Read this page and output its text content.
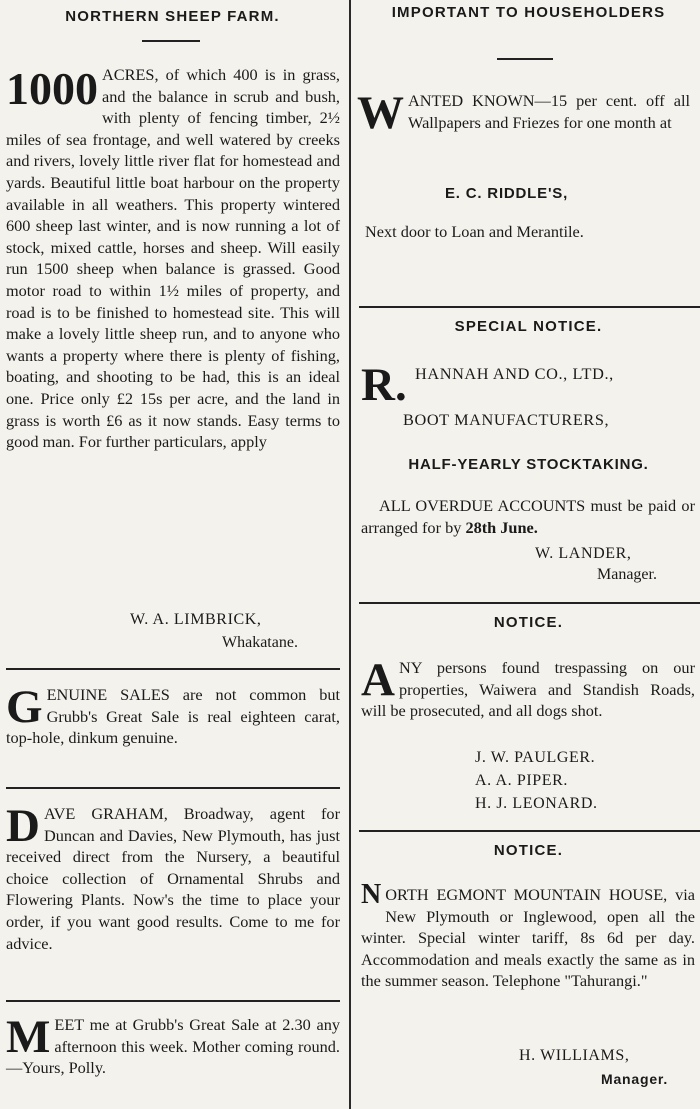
NORTHERN SHEEP FARM.
1000 ACRES, of which 400 is in grass, and the balance in scrub and bush, with plenty of fencing timber, 2½ miles of sea frontage, and well watered by creeks and rivers, lovely little river flat for homestead and yards. Beautiful little boat harbour on the property available in all weathers. This property wintered 600 sheep last winter, and is now running a lot of stock, mixed cattle, horses and sheep. Will easily run 1500 sheep when balance is grassed. Good motor road to within 1½ miles of property, and road is to be finished to homestead site. This will make a lovely little sheep run, and to anyone who wants a property where there is plenty of fishing, boating, and shooting to be had, this is an ideal one. Price only £2 15s per acre, and the land in grass is worth £6 as it now stands. Easy terms to good man. For further particulars, apply
W. A. LIMBRICK,
Whakatane.
GENUINE SALES are not common but Grubb's Great Sale is real eighteen carat, top-hole, dinkum genuine.
DAVE GRAHAM, Broadway, agent for Duncan and Davies, New Plymouth, has just received direct from the Nursery, a beautiful choice collection of Ornamental Shrubs and Flowering Plants. Now's the time to place your order, if you want good results. Come to me for advice.
MEET me at Grubb's Great Sale at 2.30 any afternoon this week. Mother coming round.—Yours, Polly.
IMPORTANT TO HOUSEHOLDERS
WANTED KNOWN—15 per cent. off all Wallpapers and Friezes for one month at
E. C. RIDDLE'S,
Next door to Loan and Merantile.
SPECIAL NOTICE.
R. HANNAH AND CO., LTD.,
BOOT MANUFACTURERS,
HALF-YEARLY STOCKTAKING.
ALL OVERDUE ACCOUNTS must be paid or arranged for by 28th June.
W. LANDER,
Manager.
NOTICE.
ANY persons found trespassing on our properties, Waiwera and Standish Roads, will be prosecuted, and all dogs shot.
J. W. PAULGER.
A. A. PIPER.
H. J. LEONARD.
NOTICE.
NORTH EGMONT MOUNTAIN HOUSE, via New Plymouth or Inglewood, open all the winter. Special winter tariff, 8s 6d per day. Accommodation and meals exactly the same as in the summer season. Telephone "Tahurangi."
H. WILLIAMS,
Manager.
